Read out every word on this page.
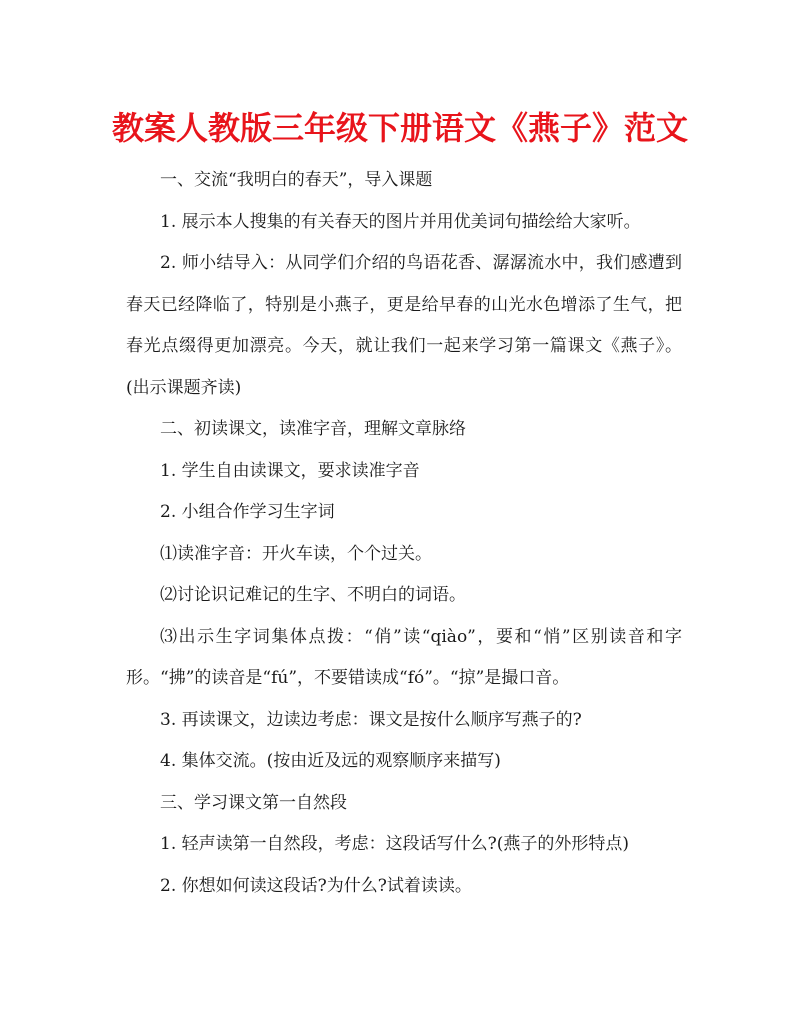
教案人教版三年级下册语文《燕子》范文

一、交流“我明白的春天”，导入课题

1. 展示本人搜集的有关春天的图片并用优美词句描绘给大家听。

2. 师小结导入：从同学们介绍的鸟语花香、潺潺流水中，我们感遭到春天已经降临了，特别是小燕子，更是给早春的山光水色增添了生气，把春光点缀得更加漂亮。今天，就让我们一起来学习第一篇课文《燕子》。(出示课题齐读)

二、初读课文，读准字音，理解文章脉络

1. 学生自由读课文，要求读准字音

2. 小组合作学习生字词

⑴读准字音：开火车读，个个过关。

⑵讨论识记难记的生字、不明白的词语。

⑶出示生字词集体点拨：“俏”读“qiào”，要和“悄”区别读音和字形。“拂”的读音是“fú”，不要错读成“fó”。“掠”是撮口音。

3. 再读课文，边读边考虑：课文是按什么顺序写燕子的?

4. 集体交流。(按由近及远的观察顺序来描写)

三、学习课文第一自然段

1. 轻声读第一自然段，考虑：这段话写什么?(燕子的外形特点)

2. 你想如何读这段话?为什么?试着读读。
